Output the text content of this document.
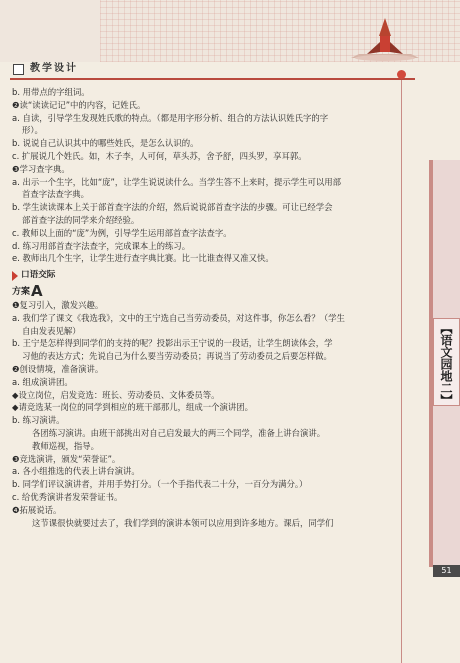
教学设计

b. 用带点的字组词。

❷读“读读记记”中的内容，记姓氏。

a. 自读，引导学生发现姓氏歌的特点。（都是用字形分析、组合的方法认识姓氏字的字

形）。

b. 说说自己认识其中的哪些姓氏，是怎么认识的。

c. 扩展说几个姓氏。如，木子李，人可何，草头苏，舍予舒，四头罗，享耳郭。

❸学习查字典。

a. 出示一个生字，比如“庞”，让学生说说读什么。当学生答不上来时，提示学生可以用部

首查字法查字典。

b. 学生读读课本上关于部首查字法的介绍，然后说说部首查字法的步骤。可让已经学会

部首查字法的同学来介绍经验。

c. 教师以上面的“庞”为例，引导学生运用部首查字法查字。

d. 练习用部首查字法查字，完成课本上的练习。

e. 教师出几个生字，让学生进行查字典比赛。比一比谁查得又准又快。

口语交际
方案 A

❶复习引入，激发兴趣。

a. 我们学了课文《我选我》，文中的王宁选自己当劳动委员，对这件事，你怎么看？（学生

自由发表见解）

b. 王宁是怎样得到同学们的支持的呢？投影出示王宁说的一段话，让学生朗读体会，学

习他的表达方式；先说自己为什么要当劳动委员；再说当了劳动委员之后要怎样做。

❷创设情境，准备演讲。

a. 组成演讲团。

◆设立岗位，启发竞选：班长、劳动委员、文体委员等。

◆请竞选某一岗位的同学到相应的班干部那儿，组成一个演讲团。

b. 练习演讲。

各团练习演讲。由班干部挑出对自己启发最大的两三个同学，准备上讲台演讲。

教师巡视，指导。

❸竞选演讲，颁发“荣誉证”。

a. 各小组推选的代表上讲台演讲。

b. 同学们评议演讲者，并用手势打分。（一个手指代表二十分，一百分为满分。）

c. 给优秀演讲者发荣誉证书。

❹拓展说话。

这节课很快就要过去了，我们学到的演讲本领可以应用到许多地方。课后，同学们

【语文园地二】
51
